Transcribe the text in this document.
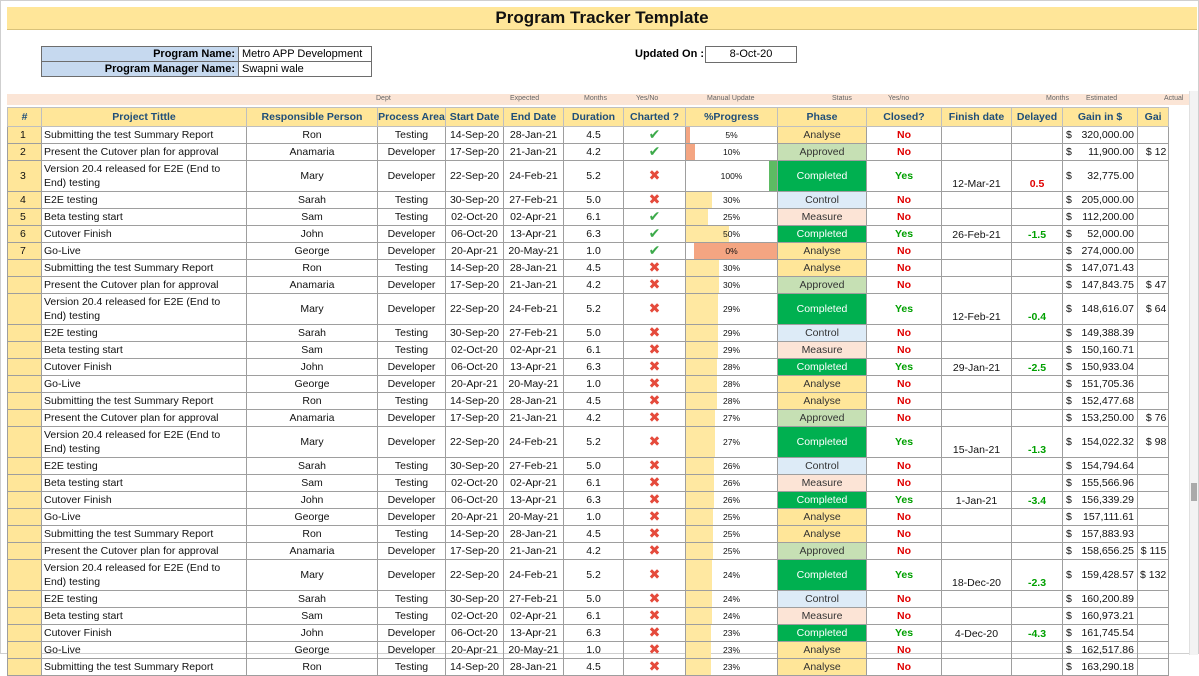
Program Tracker Template
Program Name:	Metro APP Development
Program Manager Name:	Swapni wale
Updated On :	8-Oct-20
Dept	Expected	Months	Yes/No	Manual Update	Status	Yes/no	Months Estimated	Actual
#	Project Tittle	Responsible Person	Process Area	Start Date	End Date	Duration	Charted ?	%Progress	Phase	Closed?	Finish date	Delayed	Gain in $	Gai
1	Submitting the test Summary Report	Ron	Testing	14-Sep-20	28-Jan-21	4.5	✔	5%	Analyse	No			$ 320,000.00	
2	Present the Cutover plan for approval	Anamaria	Developer	17-Sep-20	21-Jan-21	4.2	✔	10%	Approved	No			$ 11,900.00	$ 12
3	Version 20.4 released for E2E (End to End) testing	Mary	Developer	22-Sep-20	24-Feb-21	5.2	✖	100%	Completed	Yes	12-Mar-21	0.5	$ 32,775.00	
4	E2E testing	Sarah	Testing	30-Sep-20	27-Feb-21	5.0	✖	30%	Control	No			$ 205,000.00	
5	Beta testing start	Sam	Testing	02-Oct-20	02-Apr-21	6.1	✔	25%	Measure	No			$ 112,200.00	
6	Cutover Finish	John	Developer	06-Oct-20	13-Apr-21	6.3	✔	50%	Completed	Yes	26-Feb-21	-1.5	$ 52,000.00	
7	Go-Live	George	Developer	20-Apr-21	20-May-21	1.0	✔	0%	Analyse	No			$ 274,000.00	
	Submitting the test Summary Report	Ron	Testing	14-Sep-20	28-Jan-21	4.5	✖	30%	Analyse	No			$ 147,071.43	
	Present the Cutover plan for approval	Anamaria	Developer	17-Sep-20	21-Jan-21	4.2	✖	30%	Approved	No			$ 147,843.75	$ 47
	Version 20.4 released for E2E (End to End) testing	Mary	Developer	22-Sep-20	24-Feb-21	5.2	✖	29%	Completed	Yes	12-Feb-21	-0.4	$ 148,616.07	$ 64
	E2E testing	Sarah	Testing	30-Sep-20	27-Feb-21	5.0	✖	29%	Control	No			$ 149,388.39	
	Beta testing start	Sam	Testing	02-Oct-20	02-Apr-21	6.1	✖	29%	Measure	No			$ 150,160.71	
	Cutover Finish	John	Developer	06-Oct-20	13-Apr-21	6.3	✖	28%	Completed	Yes	29-Jan-21	-2.5	$ 150,933.04	
	Go-Live	George	Developer	20-Apr-21	20-May-21	1.0	✖	28%	Analyse	No			$ 151,705.36	
	Submitting the test Summary Report	Ron	Testing	14-Sep-20	28-Jan-21	4.5	✖	28%	Analyse	No			$ 152,477.68	
	Present the Cutover plan for approval	Anamaria	Developer	17-Sep-20	21-Jan-21	4.2	✖	27%	Approved	No			$ 153,250.00	$ 76
	Version 20.4 released for E2E (End to End) testing	Mary	Developer	22-Sep-20	24-Feb-21	5.2	✖	27%	Completed	Yes	15-Jan-21	-1.3	$ 154,022.32	$ 98
	E2E testing	Sarah	Testing	30-Sep-20	27-Feb-21	5.0	✖	26%	Control	No			$ 154,794.64	
	Beta testing start	Sam	Testing	02-Oct-20	02-Apr-21	6.1	✖	26%	Measure	No			$ 155,566.96	
	Cutover Finish	John	Developer	06-Oct-20	13-Apr-21	6.3	✖	26%	Completed	Yes	1-Jan-21	-3.4	$ 156,339.29	
	Go-Live	George	Developer	20-Apr-21	20-May-21	1.0	✖	25%	Analyse	No			$ 157,111.61	
	Submitting the test Summary Report	Ron	Testing	14-Sep-20	28-Jan-21	4.5	✖	25%	Analyse	No			$ 157,883.93	
	Present the Cutover plan for approval	Anamaria	Developer	17-Sep-20	21-Jan-21	4.2	✖	25%	Approved	No			$ 158,656.25	$ 115
	Version 20.4 released for E2E (End to End) testing	Mary	Developer	22-Sep-20	24-Feb-21	5.2	✖	24%	Completed	Yes	18-Dec-20	-2.3	$ 159,428.57	$ 132
	E2E testing	Sarah	Testing	30-Sep-20	27-Feb-21	5.0	✖	24%	Control	No			$ 160,200.89	
	Beta testing start	Sam	Testing	02-Oct-20	02-Apr-21	6.1	✖	24%	Measure	No			$ 160,973.21	
	Cutover Finish	John	Developer	06-Oct-20	13-Apr-21	6.3	✖	23%	Completed	Yes	4-Dec-20	-4.3	$ 161,745.54	
	Go-Live	George	Developer	20-Apr-21	20-May-21	1.0	✖	23%	Analyse	No			$ 162,517.86	
	Submitting the test Summary Report	Ron	Testing	14-Sep-20	28-Jan-21	4.5	✖	23%	Analyse	No			$ 163,290.18	
